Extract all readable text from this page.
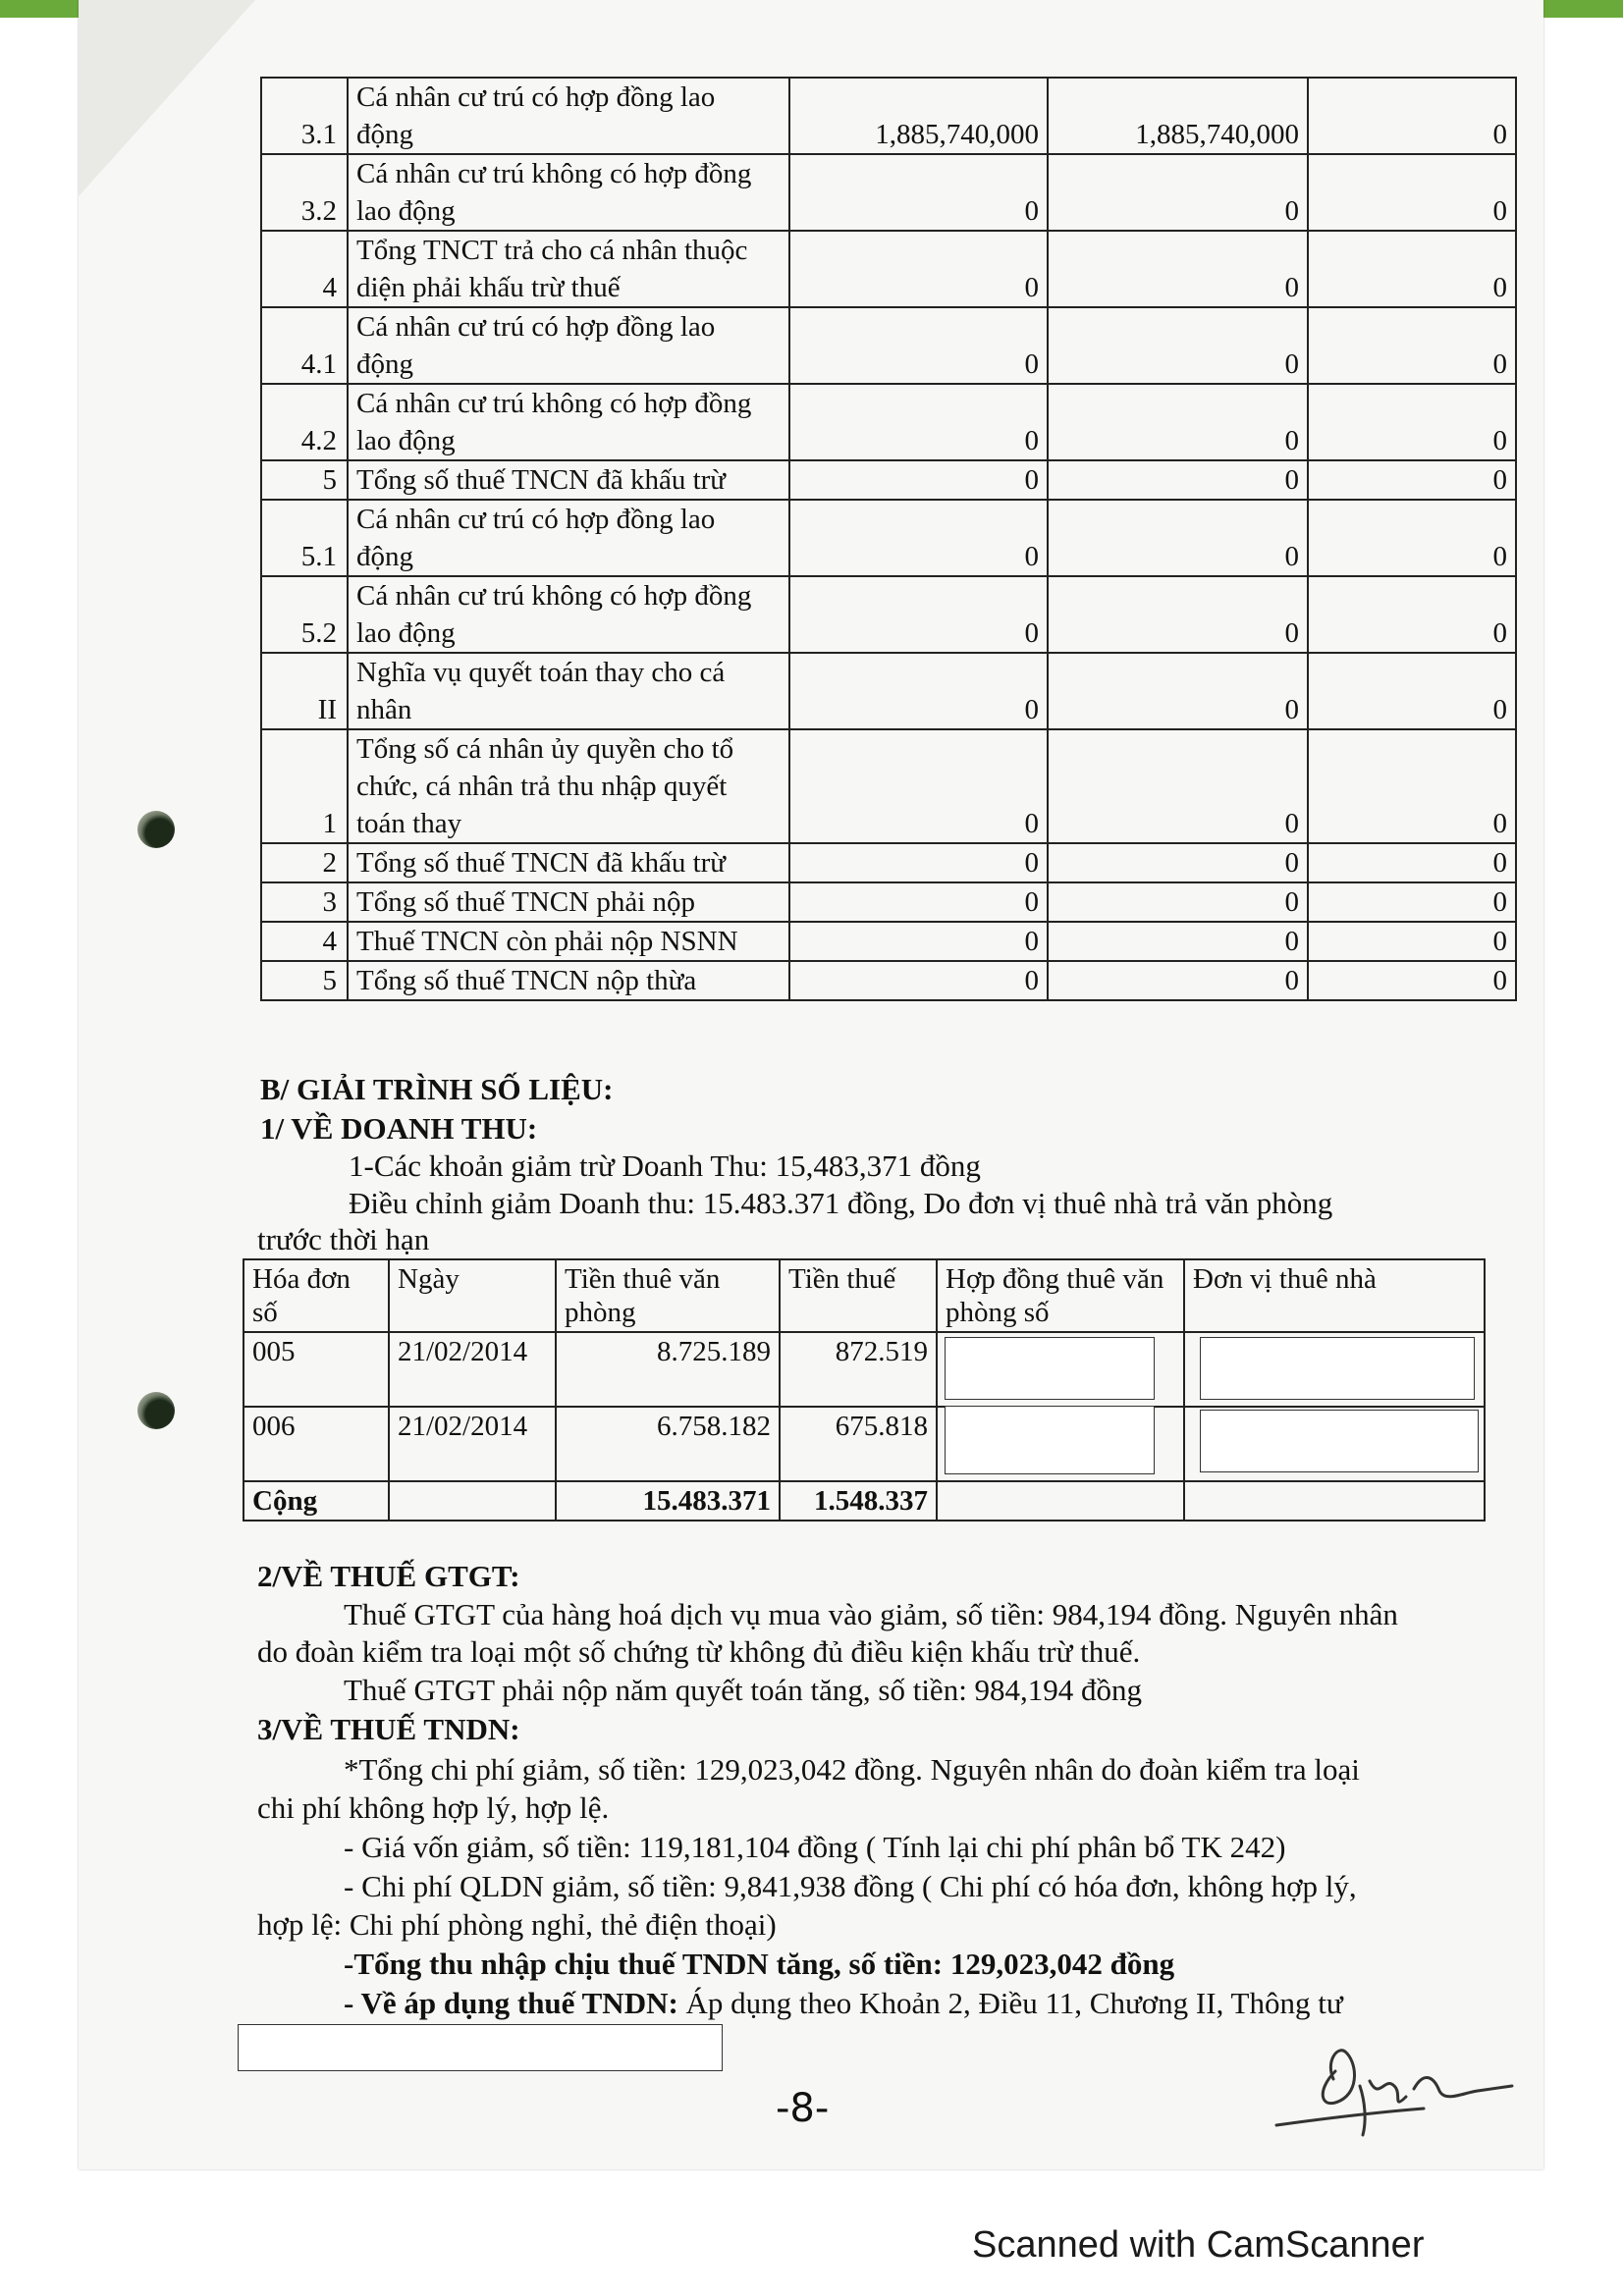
3.1	Cá nhân cư trú có hợp đồng lao
động	1,885,740,000	1,885,740,000	0
3.2	Cá nhân cư trú không có hợp đồng
lao động	0	0	0
4	Tổng TNCT trả cho cá nhân thuộc
diện phải khấu trừ thuế	0	0	0
4.1	Cá nhân cư trú có hợp đồng lao
động	0	0	0
4.2	Cá nhân cư trú không có hợp đồng
lao động	0	0	0
5	Tổng số thuế TNCN đã khấu trừ	0	0	0
5.1	Cá nhân cư trú có hợp đồng lao
động	0	0	0
5.2	Cá nhân cư trú không có hợp đồng
lao động	0	0	0
II	Nghĩa vụ quyết toán thay cho cá
nhân	0	0	0
1	Tổng số cá nhân ủy quyền cho tổ
chức, cá nhân trả thu nhập quyết
toán thay	0	0	0
2	Tổng số thuế TNCN đã khấu trừ	0	0	0
3	Tổng số thuế TNCN phải nộp	0	0	0
4	Thuế TNCN còn phải nộp NSNN	0	0	0
5	Tổng số thuế TNCN nộp thừa	0	0	0
B/ GIẢI TRÌNH SỐ LIỆU:
1/ VỀ DOANH THU:
1-Các khoản giảm trừ Doanh Thu: 15,483,371 đồng
Điều chỉnh giảm Doanh thu: 15.483.371 đồng, Do đơn vị thuê nhà trả văn phòng
trước thời hạn
Hóa đơn số	Ngày	Tiền thuê văn phòng	Tiền thuế	Hợp đồng thuê văn phòng số	Đơn vị thuê nhà
005	21/02/2014	8.725.189	872.519		
006	21/02/2014	6.758.182	675.818		
Cộng		15.483.371	1.548.337		
2/VỀ THUẾ GTGT:
Thuế GTGT của hàng hoá dịch vụ mua vào giảm, số tiền: 984,194 đồng. Nguyên nhân
do đoàn kiểm tra loại một số chứng từ không đủ điều kiện khấu trừ thuế.
Thuế GTGT phải nộp năm quyết toán tăng, số tiền: 984,194 đồng
3/VỀ THUẾ TNDN:
*Tổng chi phí giảm, số tiền: 129,023,042 đồng. Nguyên nhân do đoàn kiểm tra loại
chi phí không hợp lý, hợp lệ.
- Giá vốn giảm, số tiền: 119,181,104 đồng ( Tính lại chi phí phân bổ TK 242)
- Chi phí QLDN giảm, số tiền: 9,841,938 đồng ( Chi phí có hóa đơn, không hợp lý,
hợp lệ: Chi phí phòng nghỉ, thẻ điện thoại)
-Tổng thu nhập chịu thuế TNDN tăng, số tiền: 129,023,042 đồng
- Về áp dụng thuế TNDN: Áp dụng theo Khoản 2, Điều 11, Chương II, Thông tư
-8-
Scanned with CamScanner
